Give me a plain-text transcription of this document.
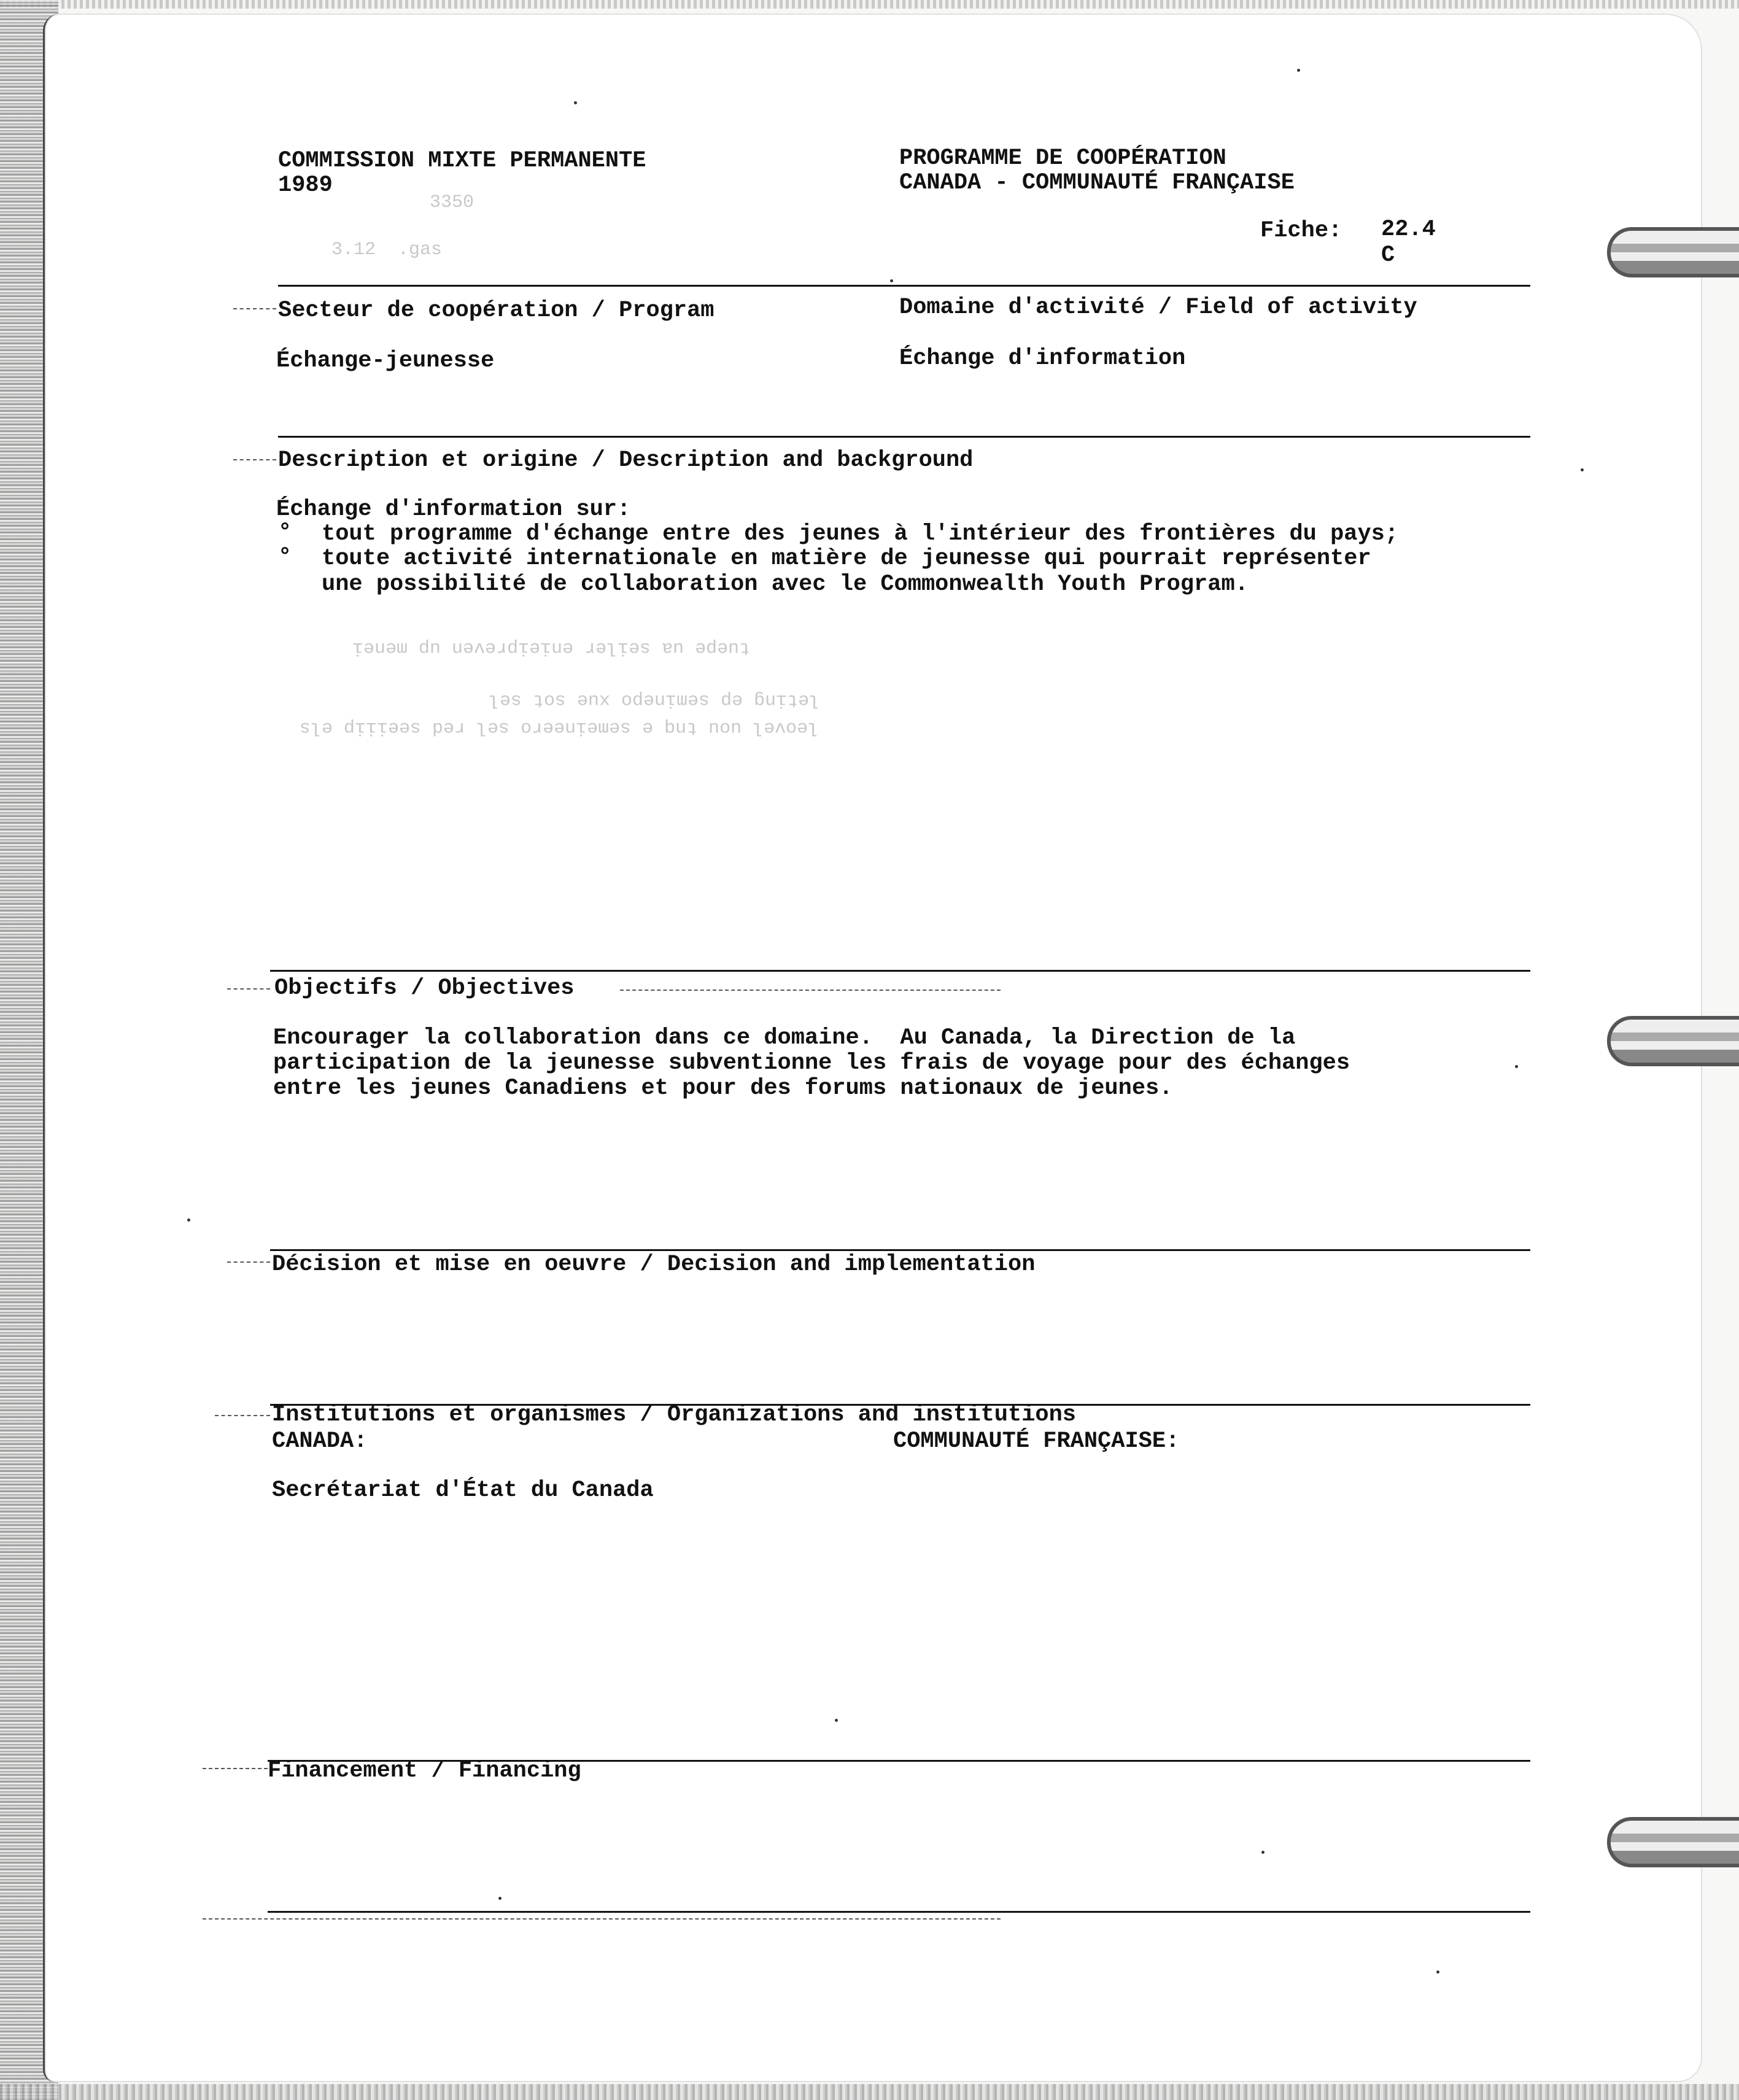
COMMISSION MIXTE PERMANENTE
1989
PROGRAMME DE COOPÉRATION
CANADA - COMMUNAUTÉ FRANÇAISE
Fiche: 22.4
C
3350
3.12  .gas
Secteur de coopération / Program	Domaine d'activité / Field of activity
Échange-jeunesse	Échange d'information
Description et origine / Description and background
Échange d'information sur:
° tout programme d'échange entre des jeunes à l'intérieur des frontières du pays;
° toute activité internationale en matière de jeunesse qui pourrait représenter
une possibilité de collaboration avec le Commonwealth Youth Program.
tuepe ua seiler enieipreven up menei
leting ep seminepo xue sot sel
leovel uou tnq e semeineero sel red seeiiip els
Objectifs / Objectives
Encourager la collaboration dans ce domaine.  Au Canada, la Direction de la
participation de la jeunesse subventionne les frais de voyage pour des échanges
entre les jeunes Canadiens et pour des forums nationaux de jeunes.
Décision et mise en oeuvre / Decision and implementation
Institutions et organismes / Organizations and institutions
CANADA:	COMMUNAUTÉ FRANÇAISE:
Secrétariat d'État du Canada
Financement / Financing
